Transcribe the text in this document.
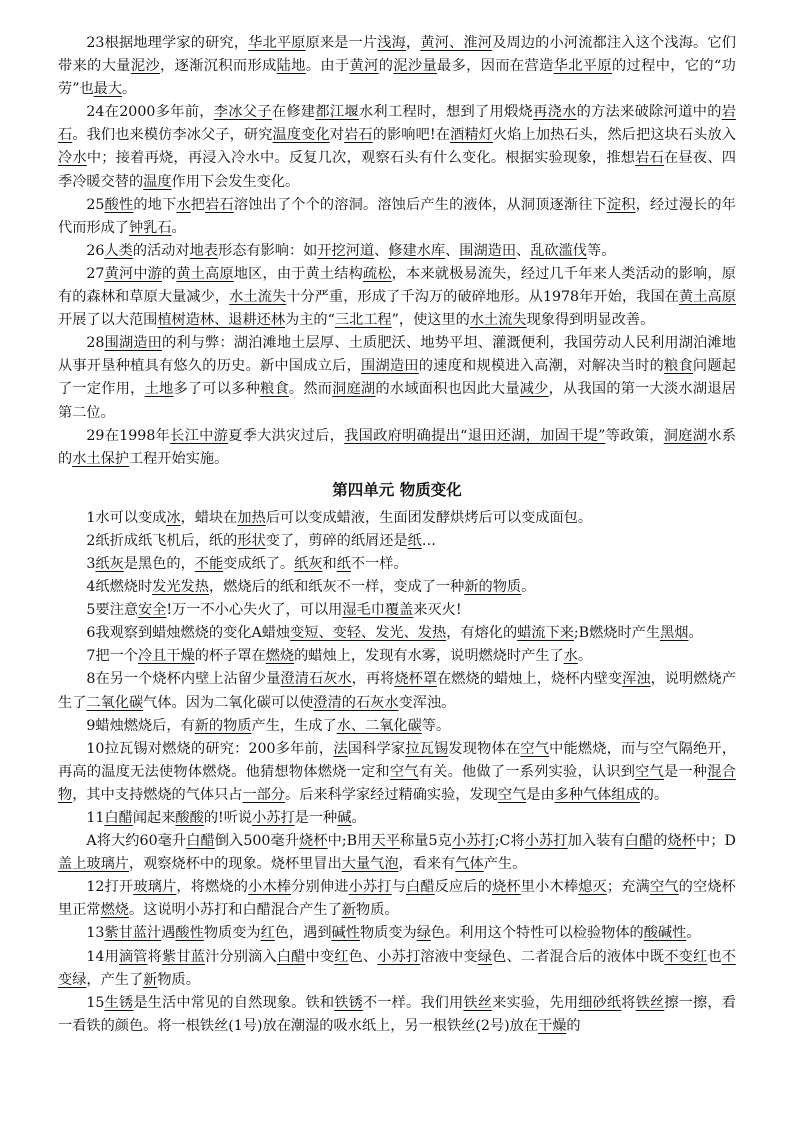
23根据地理学家的研究，华北平原原来是一片浅海，黄河、淮河及周边的小河流都注入这个浅海。它们带来的大量泥沙，逐渐沉积而形成陆地。由于黄河的泥沙量最多，因而在营造华北平原的过程中，它的“功劳”也最大。

24在2000多年前，李冰父子在修建都江堰水利工程时，想到了用煅烧再浇水的方法来破除河道中的岩石。我们也来模仿李冰父子，研究温度变化对岩石的影响吧!在酒精灯火焰上加热石头，然后把这块石头放入冷水中；接着再烧，再浸入冷水中。反复几次，观察石头有什么变化。根据实验现象，推想岩石在昼夜、四季冷暖交替的温度作用下会发生变化。

25酸性的地下水把岩石溶蚀出了个个的溶洞。溶蚀后产生的液体，从洞顶逐渐往下淀积，经过漫长的年代而形成了钟乳石。

26人类的活动对地表形态有影响：如开挖河道、修建水库、围湖造田、乱砍滥伐等。

27黄河中游的黄土高原地区，由于黄土结构疏松，本来就极易流失，经过几千年来人类活动的影响，原有的森林和草原大量减少，水土流失十分严重，形成了千沟万的破碎地形。从1978年开始，我国在黄土高原开展了以大范围植树造林、退耕还林为主的“三北工程”，使这里的水土流失现象得到明显改善。

28围湖造田的利与弊：湖泊滩地土层厚、土质肥沃、地势平坦、灌溉便利，我国劳动人民利用湖泊滩地从事开垦种植具有悠久的历史。新中国成立后，围湖造田的速度和规模进入高潮，对解决当时的粮食问题起了一定作用，土地多了可以多种粮食。然而洞庭湖的水域面积也因此大量减少，从我国的第一大淡水湖退居第二位。

29在1998年长江中游夏季大洪灾过后，我国政府明确提出“退田还湖，加固干堤”等政策，洞庭湖水系的水土保护工程开始实施。

第四单元 物质变化

1水可以变成冰，蜡块在加热后可以变成蜡液，生面团发酵烘烤后可以变成面包。

2纸折成纸飞机后，纸的形状变了，剪碎的纸屑还是纸…

3纸灰是黑色的，不能变成纸了。纸灰和纸不一样。

4纸燃烧时发光发热，燃烧后的纸和纸灰不一样，变成了一种新的物质。

5要注意安全!万一不小心失火了，可以用湿毛巾覆盖来灭火!

6我观察到蜡烛燃烧的变化A蜡烛变短、变轻、发光、发热，有熔化的蜡流下来;B燃烧时产生黑烟。

7把一个冷且干燥的杯子罩在燃烧的蜡烛上，发现有水雾，说明燃烧时产生了水。

8在另一个烧杯内壁上沾留少量澄清石灰水，再将烧杯罩在燃烧的蜡烛上，烧杯内壁变浑浊，说明燃烧产生了二氧化碳气体。因为二氧化碳可以使澄清的石灰水变浑浊。

9蜡烛燃烧后，有新的物质产生，生成了水、二氧化碳等。

10拉瓦锡对燃烧的研究：200多年前，法国科学家拉瓦锡发现物体在空气中能燃烧，而与空气隔绝开，再高的温度无法使物体燃烧。他猜想物体燃烧一定和空气有关。他做了一系列实验，认识到空气是一种混合物，其中支持燃烧的气体只占一部分。后来科学家经过精确实验，发现空气是由多种气体组成的。

11白醋闻起来酸酸的!听说小苏打是一种碱。

A将大约60毫升白醋倒入500毫升烧杯中;B用天平称量5克小苏打;C将小苏打加入装有白醋的烧杯中；D盖上玻璃片，观察烧杯中的现象。烧杯里冒出大量气泡，看来有气体产生。

12打开玻璃片，将燃烧的小木棒分别伸进小苏打与白醋反应后的烧杯里小木棒熄灭；充满空气的空烧杯里正常燃烧。这说明小苏打和白醋混合产生了新物质。

13紫甘蓝汁遇酸性物质变为红色，遇到碱性物质变为绿色。利用这个特性可以检验物体的酸碱性。

14用滴管将紫甘蓝汁分别滴入白醋中变红色、小苏打溶液中变绿色、二者混合后的液体中既不变红也不变绿，产生了新物质。

15生锈是生活中常见的自然现象。铁和铁锈不一样。我们用铁丝来实验，先用细砂纸将铁丝擦一擦，看一看铁的颜色。将一根铁丝(1号)放在潮湿的吸水纸上，另一根铁丝(2号)放在干燥的
